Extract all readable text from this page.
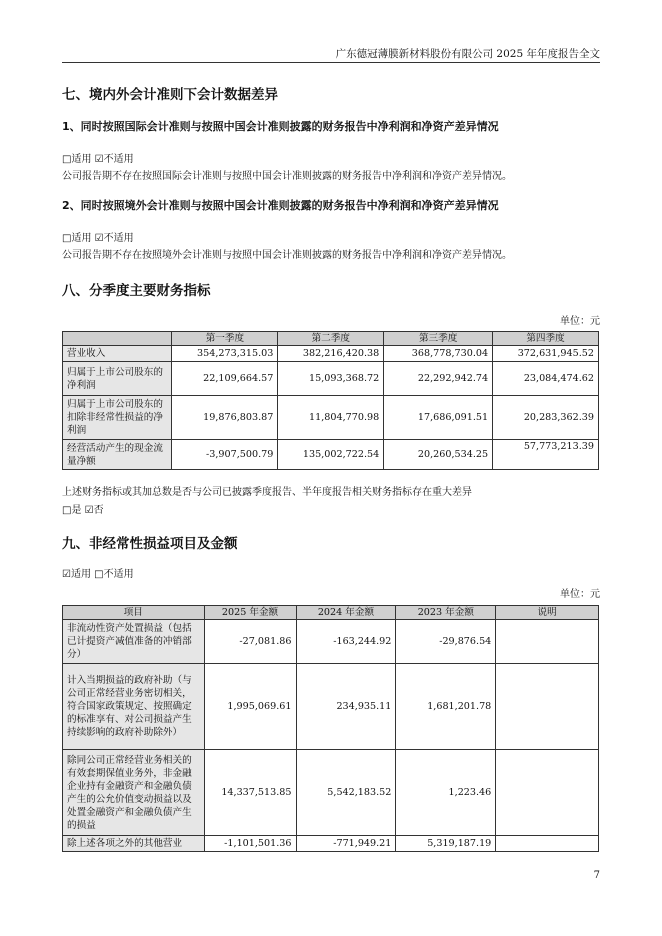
广东德冠薄膜新材料股份有限公司 2025 年年度报告全文
七、境内外会计准则下会计数据差异
1、同时按照国际会计准则与按照中国会计准则披露的财务报告中净利润和净资产差异情况
□适用 ☑不适用
公司报告期不存在按照国际会计准则与按照中国会计准则披露的财务报告中净利润和净资产差异情况。
2、同时按照境外会计准则与按照中国会计准则披露的财务报告中净利润和净资产差异情况
□适用 ☑不适用
公司报告期不存在按照境外会计准则与按照中国会计准则披露的财务报告中净利润和净资产差异情况。
八、分季度主要财务指标
单位：元
	第一季度	第二季度	第三季度	第四季度
营业收入	354,273,315.03	382,216,420.38	368,778,730.04	372,631,945.52
归属于上市公司股东的净利润	22,109,664.57	15,093,368.72	22,292,942.74	23,084,474.62
归属于上市公司股东的扣除非经常性损益的净利润	19,876,803.87	11,804,770.98	17,686,091.51	20,283,362.39
经营活动产生的现金流量净额	-3,907,500.79	135,002,722.54	20,260,534.25	57,773,213.39
上述财务指标或其加总数是否与公司已披露季度报告、半年度报告相关财务指标存在重大差异
□是 ☑否
九、非经常性损益项目及金额
☑适用 □不适用
单位：元
项目	2025 年金额	2024 年金额	2023 年金额	说明
非流动性资产处置损益（包括已计提资产减值准备的冲销部分）	-27,081.86	-163,244.92	-29,876.54	
计入当期损益的政府补助（与公司正常经营业务密切相关，符合国家政策规定、按照确定的标准享有、对公司损益产生持续影响的政府补助除外）	1,995,069.61	234,935.11	1,681,201.78	
除同公司正常经营业务相关的有效套期保值业务外，非金融企业持有金融资产和金融负债产生的公允价值变动损益以及处置金融资产和金融负债产生的损益	14,337,513.85	5,542,183.52	1,223.46	
除上述各项之外的其他营业	-1,101,501.36	-771,949.21	5,319,187.19	
7
